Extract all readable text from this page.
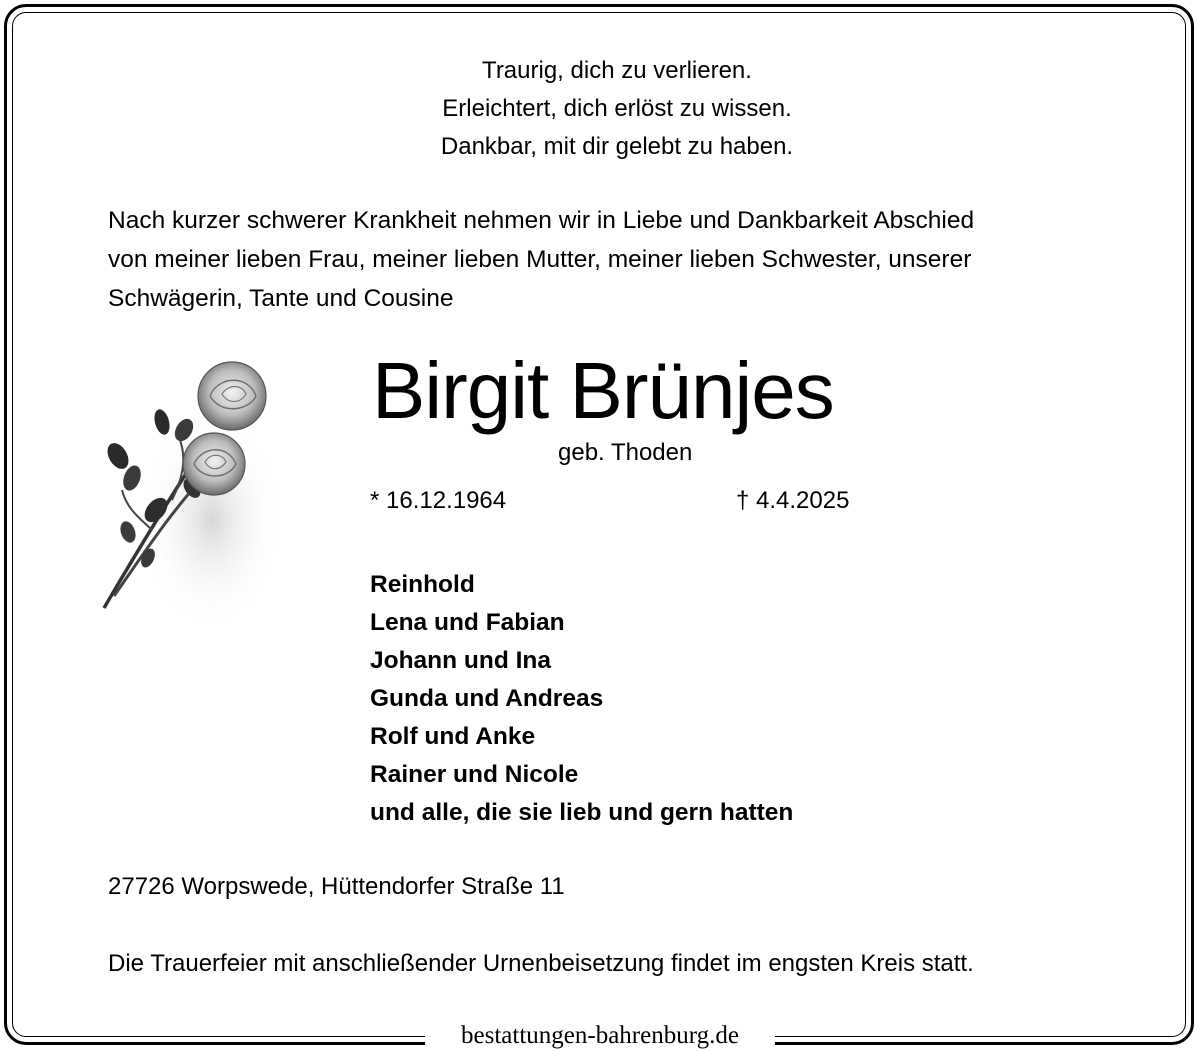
Traurig, dich zu verlieren.
Erleichtert, dich erlöst zu wissen.
Dankbar, mit dir gelebt zu haben.
Nach kurzer schwerer Krankheit nehmen wir in Liebe und Dankbarkeit Abschied
von meiner lieben Frau, meiner lieben Mutter, meiner lieben Schwester, unserer
Schwägerin, Tante und Cousine
Birgit Brünjes
geb. Thoden
* 16.12.1964	† 4.4.2025
Reinhold
Lena und Fabian
Johann und Ina
Gunda und Andreas
Rolf und Anke
Rainer und Nicole
und alle, die sie lieb und gern hatten
27726 Worpswede, Hüttendorfer Straße 11
Die Trauerfeier mit anschließender Urnenbeisetzung findet im engsten Kreis statt.
bestattungen-bahrenburg.de
